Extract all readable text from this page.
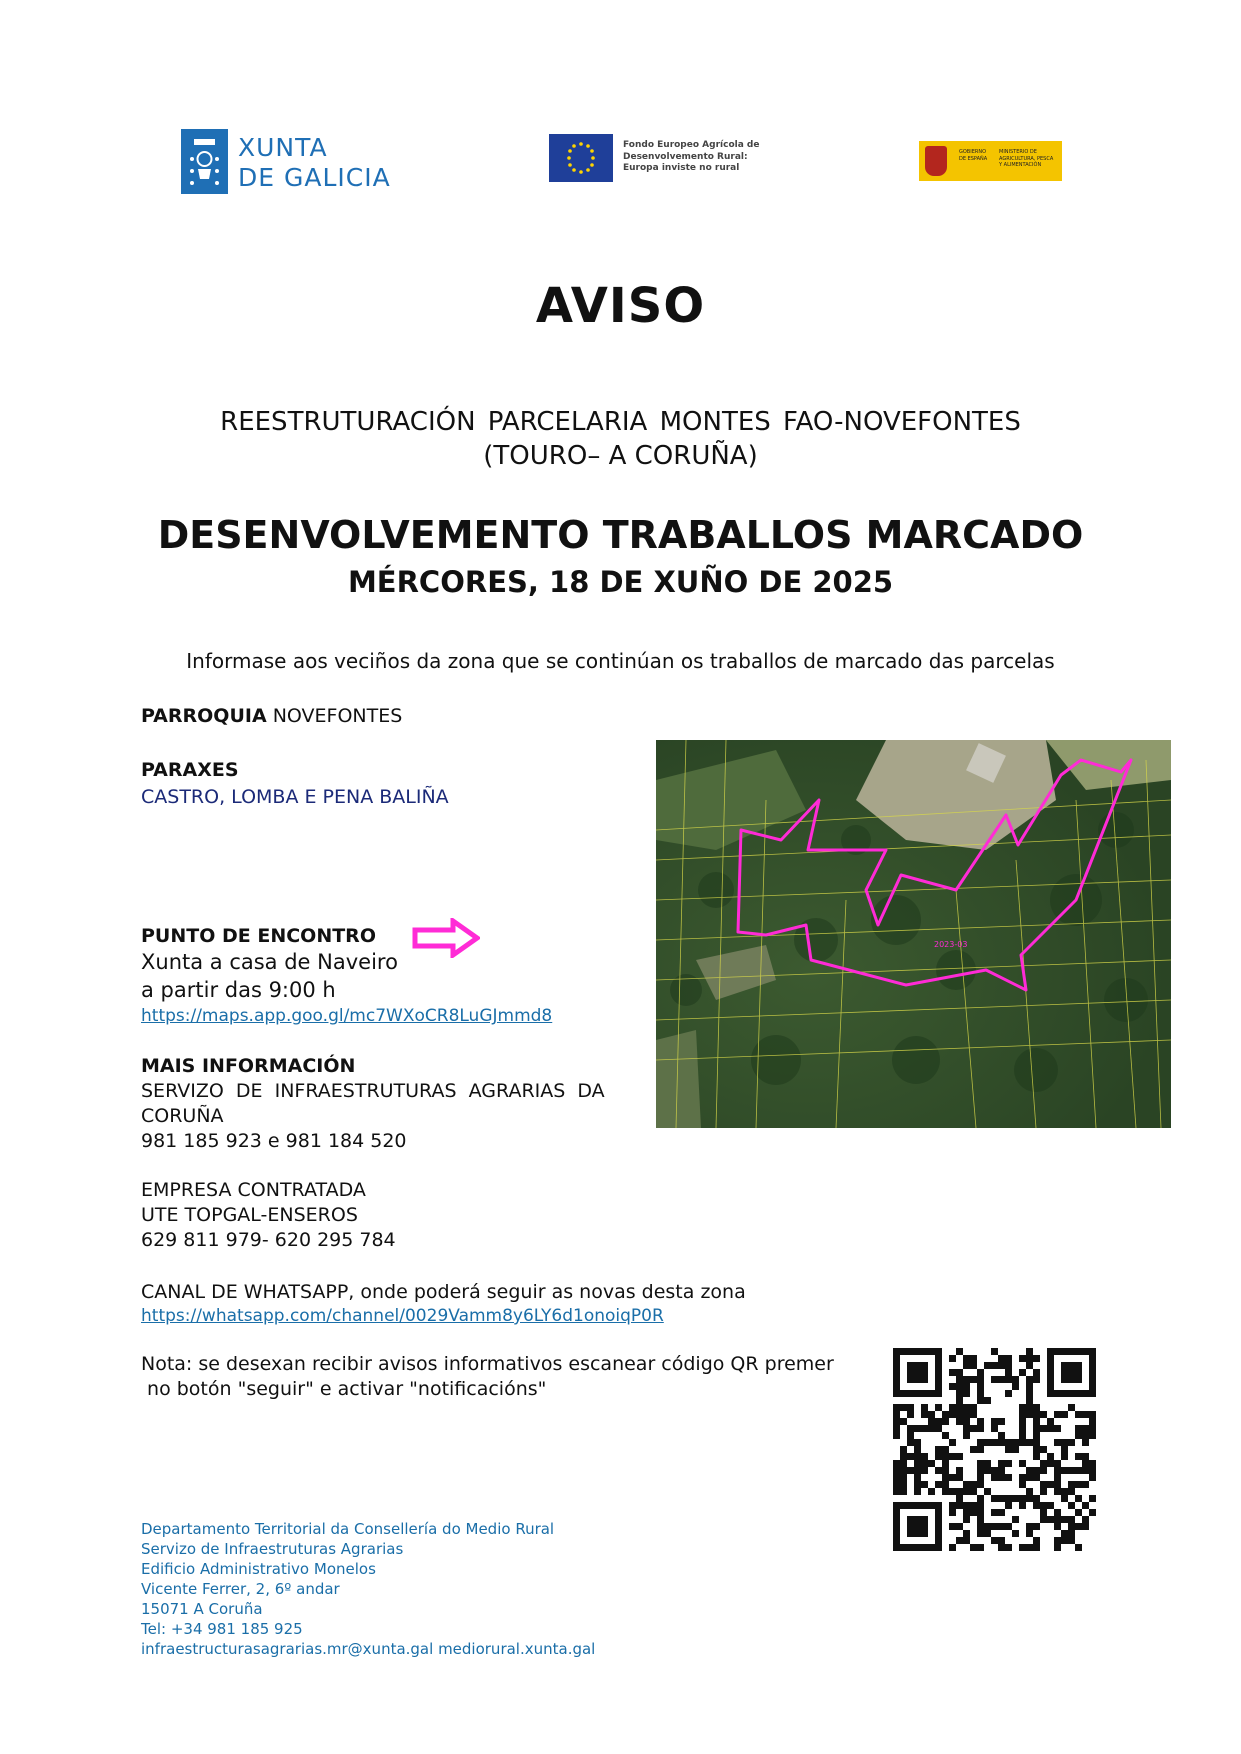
XUNTA
DE GALICIA
Fondo Europeo Agrícola de
Desenvolvemento Rural:
Europa inviste no rural
GOBIERNO DE ESPAÑA
MINISTERIO DE AGRICULTURA, PESCA Y ALIMENTACIÓN
AVISO
REESTRUTURACIÓN PARCELARIA MONTES FAO-NOVEFONTES
(TOURO– A CORUÑA)
DESENVOLVEMENTO TRABALLOS MARCADO
MÉRCORES, 18 DE XUÑO DE 2025
Informase aos veciños da zona que se continúan os traballos de marcado das parcelas
PARROQUIA NOVEFONTES
PARAXES
CASTRO, LOMBA E PENA BALIÑA
PUNTO DE ENCONTRO
Xunta a casa de Naveiro
a partir das 9:00 h
https://maps.app.goo.gl/mc7WXoCR8LuGJmmd8
MAIS INFORMACIÓN
SERVIZO  DE  INFRAESTRUTURAS  AGRARIAS  DA
CORUÑA
981 185 923 e 981 184 520
EMPRESA CONTRATADA
UTE TOPGAL-ENSEROS
629 811 979- 620 295 784
CANAL DE WHATSAPP, onde poderá seguir as novas desta zona
https://whatsapp.com/channel/0029Vamm8y6LY6d1onoiqP0R
Nota: se desexan recibir avisos informativos escanear código QR premer
no botón "seguir" e activar "notificacións"
2023-03
Departamento Territorial da Consellería do Medio Rural
Servizo de Infraestruturas Agrarias
Edificio Administrativo Monelos
Vicente Ferrer, 2, 6º andar
15071 A Coruña
Tel: +34 981 185 925
infraestructurasagrarias.mr@xunta.gal mediorural.xunta.gal
